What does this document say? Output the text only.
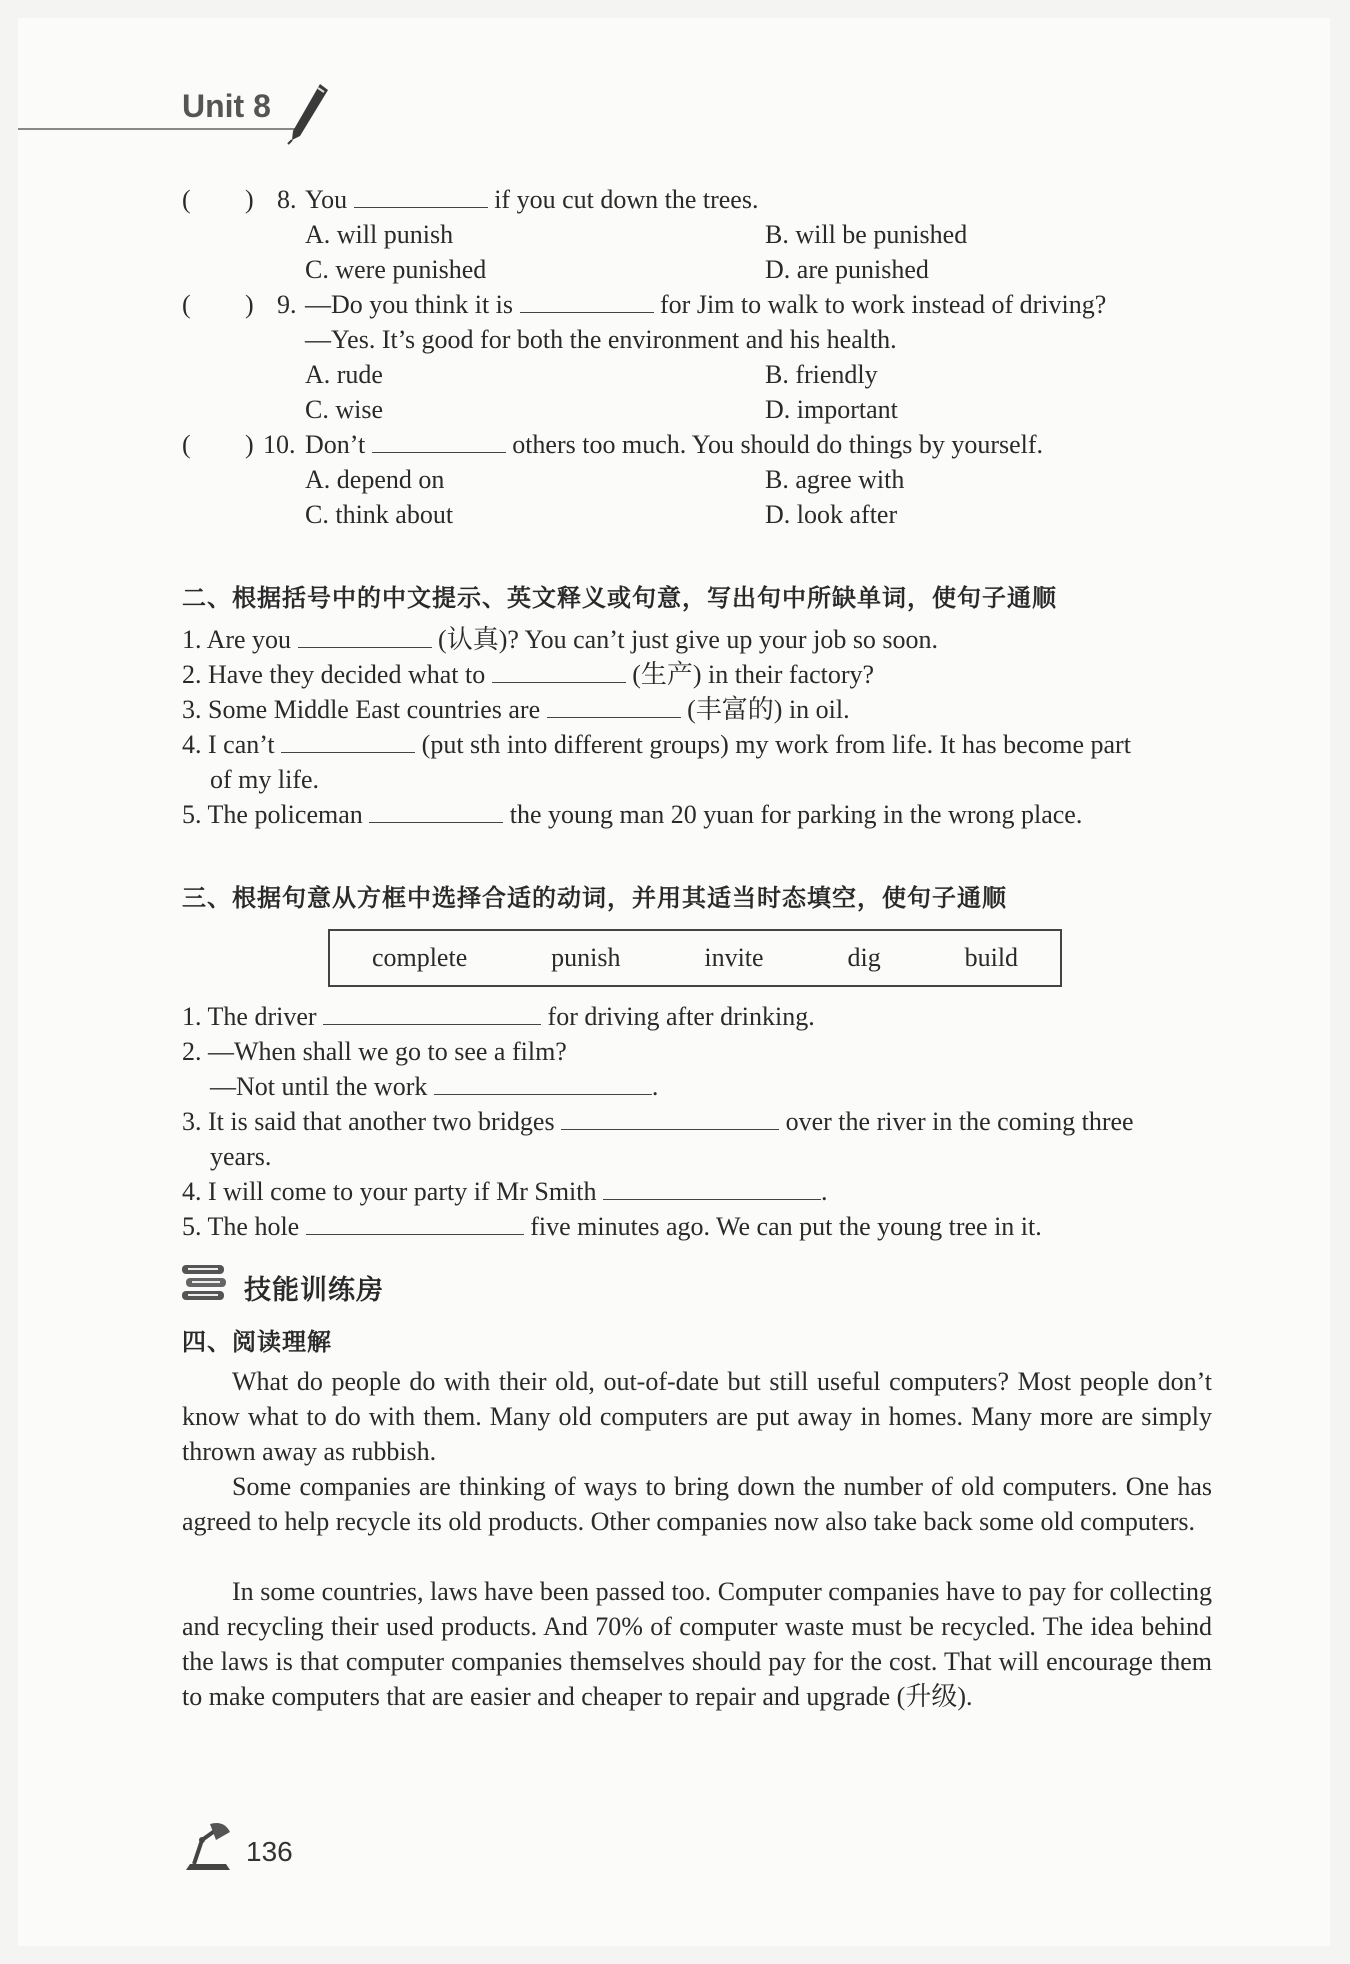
Unit 8
( ) 8. You	if you cut down the trees.
A. will punish	B. will be punished
C. were punished	D. are punished
( ) 9. —Do you think it is	for Jim to walk to work instead of driving?
—Yes. It’s good for both the environment and his health.
A. rude	B. friendly
C. wise	D. important
( ) 10. Don’t	others too much. You should do things by yourself.
A. depend on	B. agree with
C. think about	D. look after
二、根据括号中的中文提示、英文释义或句意，写出句中所缺单词，使句子通顺
1. Are you	(认真)? You can’t just give up your job so soon.
2. Have they decided what to	(生产) in their factory?
3. Some Middle East countries are	(丰富的) in oil.
4. I can’t	(put sth into different groups) my work from life. It has become part
of my life.
5. The policeman	the young man 20 yuan for parking in the wrong place.
三、根据句意从方框中选择合适的动词，并用其适当时态填空，使句子通顺
complete	punish	invite	dig	build
1. The driver	for driving after drinking.
2. —When shall we go to see a film?
—Not until the work	.
3. It is said that another two bridges	over the river in the coming three
years.
4. I will come to your party if Mr Smith	.
5. The hole	five minutes ago. We can put the young tree in it.
技能训练房
四、阅读理解
What do people do with their old, out-of-date but still useful computers? Most people don’t know what to do with them. Many old computers are put away in homes. Many more are simply thrown away as rubbish.
Some companies are thinking of ways to bring down the number of old computers. One has agreed to help recycle its old products. Other companies now also take back some old computers.
In some countries, laws have been passed too. Computer companies have to pay for collecting and recycling their used products. And 70% of computer waste must be recycled. The idea behind the laws is that computer companies themselves should pay for the cost. That will encourage them to make computers that are easier and cheaper to repair and upgrade (升级).
136
